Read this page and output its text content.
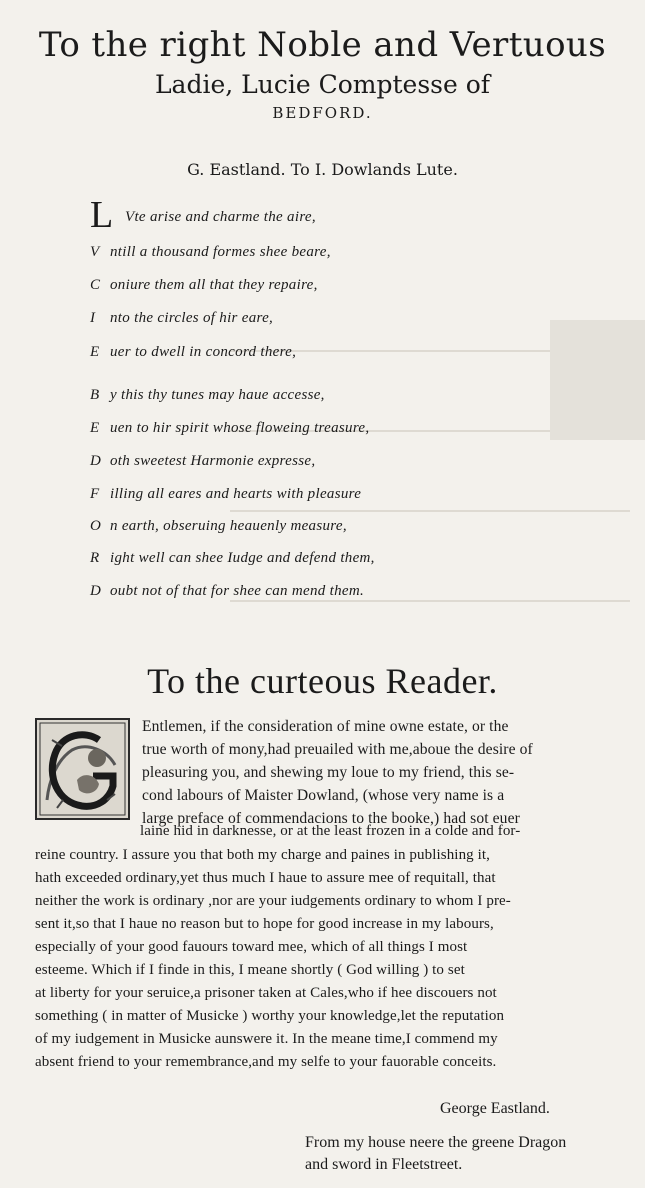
To the right Noble and Vertuous
Ladie, Lucie Comptesse of
BEDFORD.
G. Eastland. To I. Dowlands Lute.
L Vte arise and charme the aire,
V ntill a thousand formes shee beare,
C oniure them all that they repaire,
I nto the circles of hir eare,
E uer to dwell in concord there,
B y this thy tunes may haue accesse,
E uen to hir spirit whose floweing treasure,
D oth sweetest Harmonie expresse,
F illing all eares and hearts with pleasure
O n earth, obseruing heauenly measure,
R ight well can shee Iudge and defend them,
D oubt not of that for shee can mend them.
To the curteous Reader.
Entlemen, if the consideration of mine owne estate, or the
true worth of mony,had preuailed with me,aboue the desire of
pleasuring you, and shewing my loue to my friend, this se-
cond labours of Maister Dowland, (whose very name is a
large preface of commendacions to the booke,) had sot euer
laine hid in darknesse, or at the least frozen in a colde and for-
reine country. I assure you that both my charge and paines in publishing it,
hath exceeded ordinary,yet thus much I haue to assure mee of requitall, that
neither the work is ordinary ,nor are your iudgements ordinary to whom I pre-
sent it,so that I haue no reason but to hope for good increase in my labours,
especially of your good fauours toward mee, which of all things I most
esteeme. Which if I finde in this, I meane shortly ( God willing ) to set
at liberty for your seruice,a prisoner taken at Cales,who if hee discouers not
something ( in matter of Musicke ) worthy your knowledge,let the reputation
of my iudgement in Musicke aunswere it. In the meane time,I commend my
absent friend to your remembrance,and my selfe to your fauorable conceits.
George Eastland.
From my house neere the greene Dragon
and sword in Fleetstreet.
